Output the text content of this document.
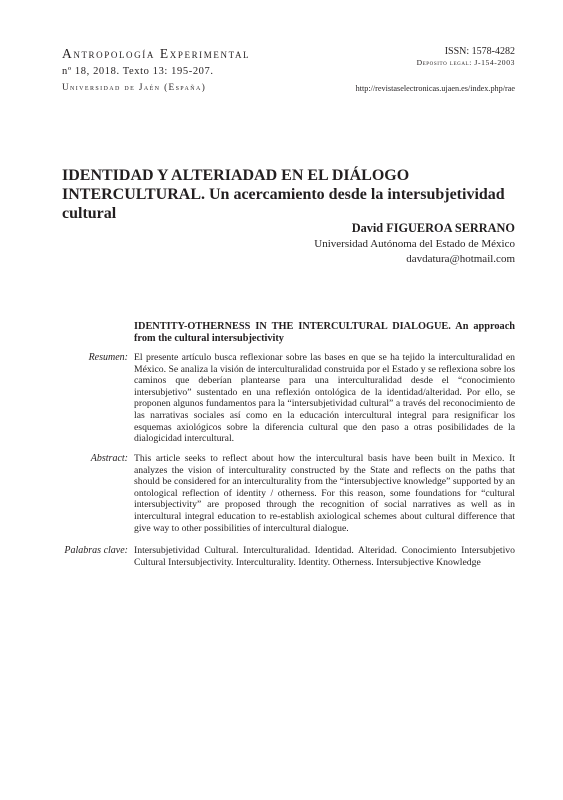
Antropología Experimental
nº 18, 2018. Texto 13: 195-207.
Universidad de Jaén (España)
ISSN: 1578-4282
Deposito legal: J-154-2003
http://revistaselectronicas.ujaen.es/index.php/rae
IDENTIDAD Y ALTERIADAD EN EL DIÁLOGO INTERCULTURAL. Un acercamiento desde la intersubjetividad cultural
David FIGUEROA SERRANO
Universidad Autónoma del Estado de México
davdatura@hotmail.com
IDENTITY-OTHERNESS IN THE INTERCULTURAL DIALOGUE. An approach from the cultural intersubjectivity
Resumen: El presente artículo busca reflexionar sobre las bases en que se ha tejido la interculturalidad en México. Se analiza la visión de interculturalidad construida por el Estado y se reflexiona sobre los caminos que deberían plantearse para una interculturalidad desde el “conocimiento intersubjetivo” sustentado en una reflexión ontológica de la identidad/alteridad. Por ello, se proponen algunos fundamentos para la “intersubjetividad cultural” a través del reconocimiento de las narrativas sociales así como en la educación intercultural integral para resignificar los esquemas axiológicos sobre la diferencia cultural que den paso a otras posibilidades de la dialogicidad intercultural.
Abstract: This article seeks to reflect about how the intercultural basis have been built in Mexico. It analyzes the vision of interculturality constructed by the State and reflects on the paths that should be considered for an interculturality from the “intersubjective knowledge” supported by an ontological reflection of identity / otherness. For this reason, some foundations for “cultural intersubjectivity” are proposed through the recognition of social narratives as well as in intercultural integral education to re-establish axiological schemes about cultural difference that give way to other possibilities of intercultural dialogue.
Palabras clave: Intersubjetividad Cultural. Interculturalidad. Identidad. Alteridad. Conocimiento Intersubjetivo Cultural Intersubjectivity. Interculturality. Identity. Otherness. Intersubjective Knowledge
